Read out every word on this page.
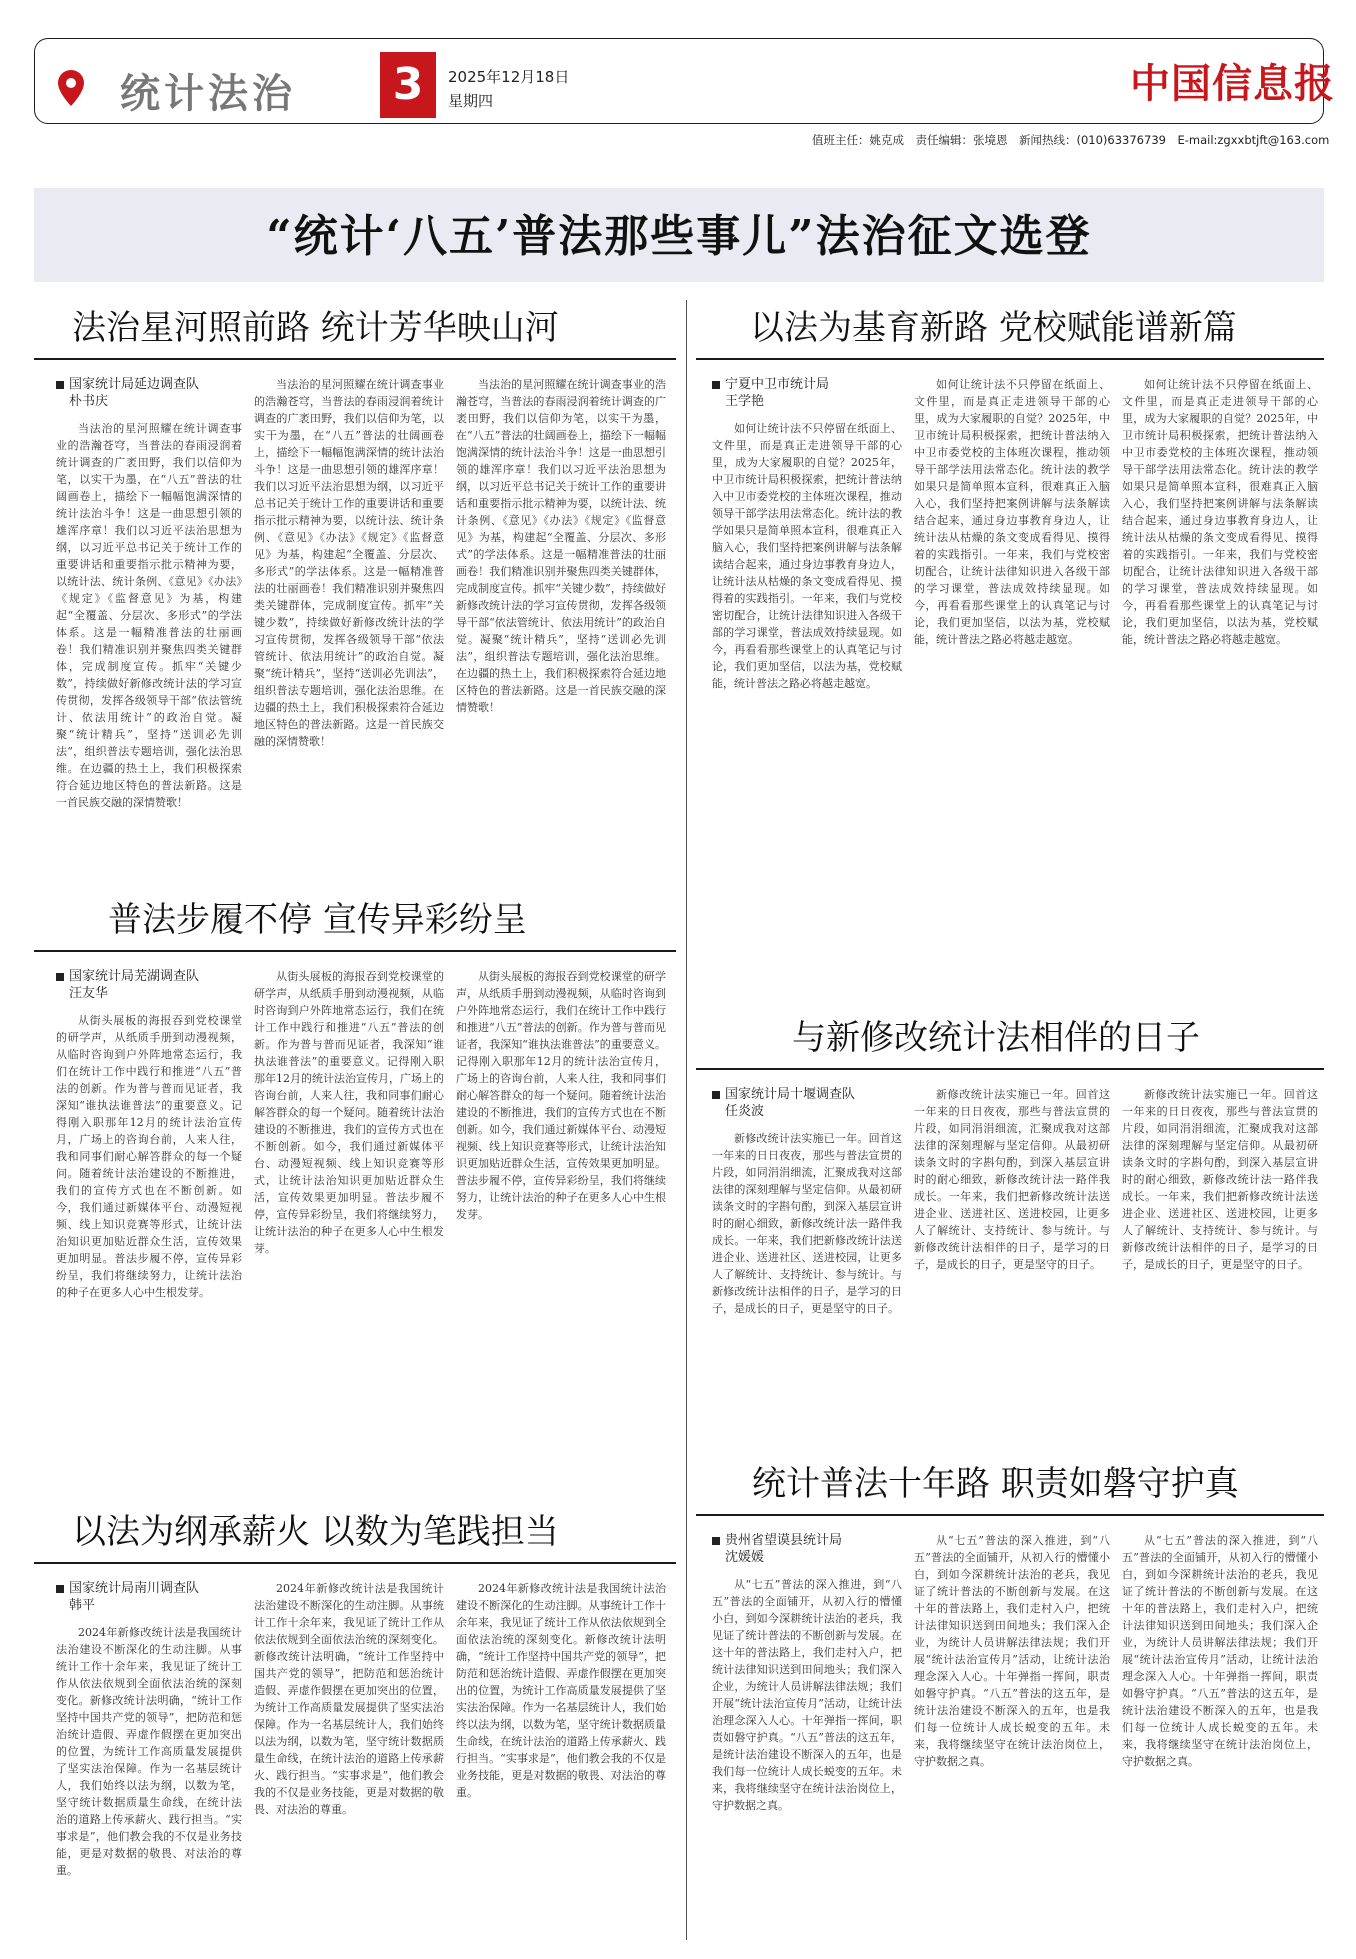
统计法治 3	2025年12月18日
星期四	中国信息报
值班主任：姚克成　责任编辑：张境恩　新闻热线：(010)63376739　E-mail:zgxxbtjft@163.com
“统计‘八五’普法那些事儿”法治征文选登
法治星河照前路 统计芳华映山河
国家统计局延边调查队
朴书庆

当法治的星河照耀在统计调查事业的浩瀚苍穹，当普法的春雨浸润着统计调查的广袤田野，我们以信仰为笔，以实干为墨，在“八五”普法的壮阔画卷上，描绘下一幅幅饱满深情的统计法治斗争！这是一曲思想引领的雄浑序章！我们以习近平法治思想为纲，以习近平总书记关于统计工作的重要讲话和重要指示批示精神为要，以统计法、统计条例、《意见》《办法》《规定》《监督意见》为基，构建起“全覆盖、分层次、多形式”的学法体系。这是一幅精准普法的壮丽画卷！我们精准识别并聚焦四类关键群体，完成制度宣传。抓牢“关键少数”，持续做好新修改统计法的学习宣传贯彻，发挥各级领导干部“依法管统计、依法用统计”的政治自觉。凝聚“统计精兵”，坚持“送训必先训法”，组织普法专题培训，强化法治思维。在边疆的热土上，我们积极探索符合延边地区特色的普法新路。这是一首民族交融的深情赞歌！

当法治的星河照耀在统计调查事业的浩瀚苍穹，当普法的春雨浸润着统计调查的广袤田野，我们以信仰为笔，以实干为墨，在“八五”普法的壮阔画卷上，描绘下一幅幅饱满深情的统计法治斗争！这是一曲思想引领的雄浑序章！我们以习近平法治思想为纲，以习近平总书记关于统计工作的重要讲话和重要指示批示精神为要，以统计法、统计条例、《意见》《办法》《规定》《监督意见》为基，构建起“全覆盖、分层次、多形式”的学法体系。这是一幅精准普法的壮丽画卷！我们精准识别并聚焦四类关键群体，完成制度宣传。抓牢“关键少数”，持续做好新修改统计法的学习宣传贯彻，发挥各级领导干部“依法管统计、依法用统计”的政治自觉。凝聚“统计精兵”，坚持“送训必先训法”，组织普法专题培训，强化法治思维。在边疆的热土上，我们积极探索符合延边地区特色的普法新路。这是一首民族交融的深情赞歌！

当法治的星河照耀在统计调查事业的浩瀚苍穹，当普法的春雨浸润着统计调查的广袤田野，我们以信仰为笔，以实干为墨，在“八五”普法的壮阔画卷上，描绘下一幅幅饱满深情的统计法治斗争！这是一曲思想引领的雄浑序章！我们以习近平法治思想为纲，以习近平总书记关于统计工作的重要讲话和重要指示批示精神为要，以统计法、统计条例、《意见》《办法》《规定》《监督意见》为基，构建起“全覆盖、分层次、多形式”的学法体系。这是一幅精准普法的壮丽画卷！我们精准识别并聚焦四类关键群体，完成制度宣传。抓牢“关键少数”，持续做好新修改统计法的学习宣传贯彻，发挥各级领导干部“依法管统计、依法用统计”的政治自觉。凝聚“统计精兵”，坚持“送训必先训法”，组织普法专题培训，强化法治思维。在边疆的热土上，我们积极探索符合延边地区特色的普法新路。这是一首民族交融的深情赞歌！

以法为基育新路 党校赋能谱新篇
宁夏中卫市统计局
王学艳

如何让统计法不只停留在纸面上、文件里，而是真正走进领导干部的心里，成为大家履职的自觉？2025年，中卫市统计局积极探索，把统计普法纳入中卫市委党校的主体班次课程，推动领导干部学法用法常态化。统计法的教学如果只是简单照本宣科，很难真正入脑入心，我们坚持把案例讲解与法条解读结合起来，通过身边事教育身边人，让统计法从枯燥的条文变成看得见、摸得着的实践指引。一年来，我们与党校密切配合，让统计法律知识进入各级干部的学习课堂，普法成效持续显现。如今，再看看那些课堂上的认真笔记与讨论，我们更加坚信，以法为基，党校赋能，统计普法之路必将越走越宽。

如何让统计法不只停留在纸面上、文件里，而是真正走进领导干部的心里，成为大家履职的自觉？2025年，中卫市统计局积极探索，把统计普法纳入中卫市委党校的主体班次课程，推动领导干部学法用法常态化。统计法的教学如果只是简单照本宣科，很难真正入脑入心，我们坚持把案例讲解与法条解读结合起来，通过身边事教育身边人，让统计法从枯燥的条文变成看得见、摸得着的实践指引。一年来，我们与党校密切配合，让统计法律知识进入各级干部的学习课堂，普法成效持续显现。如今，再看看那些课堂上的认真笔记与讨论，我们更加坚信，以法为基，党校赋能，统计普法之路必将越走越宽。

如何让统计法不只停留在纸面上、文件里，而是真正走进领导干部的心里，成为大家履职的自觉？2025年，中卫市统计局积极探索，把统计普法纳入中卫市委党校的主体班次课程，推动领导干部学法用法常态化。统计法的教学如果只是简单照本宣科，很难真正入脑入心，我们坚持把案例讲解与法条解读结合起来，通过身边事教育身边人，让统计法从枯燥的条文变成看得见、摸得着的实践指引。一年来，我们与党校密切配合，让统计法律知识进入各级干部的学习课堂，普法成效持续显现。如今，再看看那些课堂上的认真笔记与讨论，我们更加坚信，以法为基，党校赋能，统计普法之路必将越走越宽。

普法步履不停 宣传异彩纷呈
国家统计局芜湖调查队
汪友华

从街头展板的海报吞到党校课堂的研学声，从纸质手册到动漫视频，从临时咨询到户外阵地常态运行，我们在统计工作中践行和推进“八五”普法的创新。作为普与普而见证者，我深知“谁执法谁普法”的重要意义。记得刚入职那年12月的统计法治宣传月，广场上的咨询台前，人来人往，我和同事们耐心解答群众的每一个疑问。随着统计法治建设的不断推进，我们的宣传方式也在不断创新。如今，我们通过新媒体平台、动漫短视频、线上知识竞赛等形式，让统计法治知识更加贴近群众生活，宣传效果更加明显。普法步履不停，宣传异彩纷呈，我们将继续努力，让统计法治的种子在更多人心中生根发芽。

从街头展板的海报吞到党校课堂的研学声，从纸质手册到动漫视频，从临时咨询到户外阵地常态运行，我们在统计工作中践行和推进“八五”普法的创新。作为普与普而见证者，我深知“谁执法谁普法”的重要意义。记得刚入职那年12月的统计法治宣传月，广场上的咨询台前，人来人往，我和同事们耐心解答群众的每一个疑问。随着统计法治建设的不断推进，我们的宣传方式也在不断创新。如今，我们通过新媒体平台、动漫短视频、线上知识竞赛等形式，让统计法治知识更加贴近群众生活，宣传效果更加明显。普法步履不停，宣传异彩纷呈，我们将继续努力，让统计法治的种子在更多人心中生根发芽。

从街头展板的海报吞到党校课堂的研学声，从纸质手册到动漫视频，从临时咨询到户外阵地常态运行，我们在统计工作中践行和推进“八五”普法的创新。作为普与普而见证者，我深知“谁执法谁普法”的重要意义。记得刚入职那年12月的统计法治宣传月，广场上的咨询台前，人来人往，我和同事们耐心解答群众的每一个疑问。随着统计法治建设的不断推进，我们的宣传方式也在不断创新。如今，我们通过新媒体平台、动漫短视频、线上知识竞赛等形式，让统计法治知识更加贴近群众生活，宣传效果更加明显。普法步履不停，宣传异彩纷呈，我们将继续努力，让统计法治的种子在更多人心中生根发芽。

与新修改统计法相伴的日子
国家统计局十堰调查队
任炎波

新修改统计法实施已一年。回首这一年来的日日夜夜，那些与普法宣贯的片段，如同涓涓细流，汇聚成我对这部法律的深刻理解与坚定信仰。从最初研读条文时的字斟句酌，到深入基层宣讲时的耐心细致，新修改统计法一路伴我成长。一年来，我们把新修改统计法送进企业、送进社区、送进校园，让更多人了解统计、支持统计、参与统计。与新修改统计法相伴的日子，是学习的日子，是成长的日子，更是坚守的日子。

新修改统计法实施已一年。回首这一年来的日日夜夜，那些与普法宣贯的片段，如同涓涓细流，汇聚成我对这部法律的深刻理解与坚定信仰。从最初研读条文时的字斟句酌，到深入基层宣讲时的耐心细致，新修改统计法一路伴我成长。一年来，我们把新修改统计法送进企业、送进社区、送进校园，让更多人了解统计、支持统计、参与统计。与新修改统计法相伴的日子，是学习的日子，是成长的日子，更是坚守的日子。

新修改统计法实施已一年。回首这一年来的日日夜夜，那些与普法宣贯的片段，如同涓涓细流，汇聚成我对这部法律的深刻理解与坚定信仰。从最初研读条文时的字斟句酌，到深入基层宣讲时的耐心细致，新修改统计法一路伴我成长。一年来，我们把新修改统计法送进企业、送进社区、送进校园，让更多人了解统计、支持统计、参与统计。与新修改统计法相伴的日子，是学习的日子，是成长的日子，更是坚守的日子。

以法为纲承薪火 以数为笔践担当
国家统计局南川调查队
韩平

2024年新修改统计法是我国统计法治建设不断深化的生动注脚。从事统计工作十余年来，我见证了统计工作从依法依规到全面依法治统的深刻变化。新修改统计法明确，“统计工作坚持中国共产党的领导”，把防范和惩治统计造假、弄虚作假摆在更加突出的位置，为统计工作高质量发展提供了坚实法治保障。作为一名基层统计人，我们始终以法为纲，以数为笔，坚守统计数据质量生命线，在统计法治的道路上传承薪火、践行担当。“实事求是”，他们教会我的不仅是业务技能，更是对数据的敬畏、对法治的尊重。

2024年新修改统计法是我国统计法治建设不断深化的生动注脚。从事统计工作十余年来，我见证了统计工作从依法依规到全面依法治统的深刻变化。新修改统计法明确，“统计工作坚持中国共产党的领导”，把防范和惩治统计造假、弄虚作假摆在更加突出的位置，为统计工作高质量发展提供了坚实法治保障。作为一名基层统计人，我们始终以法为纲，以数为笔，坚守统计数据质量生命线，在统计法治的道路上传承薪火、践行担当。“实事求是”，他们教会我的不仅是业务技能，更是对数据的敬畏、对法治的尊重。

2024年新修改统计法是我国统计法治建设不断深化的生动注脚。从事统计工作十余年来，我见证了统计工作从依法依规到全面依法治统的深刻变化。新修改统计法明确，“统计工作坚持中国共产党的领导”，把防范和惩治统计造假、弄虚作假摆在更加突出的位置，为统计工作高质量发展提供了坚实法治保障。作为一名基层统计人，我们始终以法为纲，以数为笔，坚守统计数据质量生命线，在统计法治的道路上传承薪火、践行担当。“实事求是”，他们教会我的不仅是业务技能，更是对数据的敬畏、对法治的尊重。

统计普法十年路 职责如磐守护真
贵州省望谟县统计局
沈媛媛

从“七五”普法的深入推进，到“八五”普法的全面铺开，从初入行的懵懂小白，到如今深耕统计法治的老兵，我见证了统计普法的不断创新与发展。在这十年的普法路上，我们走村入户，把统计法律知识送到田间地头；我们深入企业，为统计人员讲解法律法规；我们开展“统计法治宣传月”活动，让统计法治理念深入人心。十年弹指一挥间，职责如磐守护真。“八五”普法的这五年，是统计法治建设不断深入的五年，也是我们每一位统计人成长蜕变的五年。未来，我将继续坚守在统计法治岗位上，守护数据之真。

从“七五”普法的深入推进，到“八五”普法的全面铺开，从初入行的懵懂小白，到如今深耕统计法治的老兵，我见证了统计普法的不断创新与发展。在这十年的普法路上，我们走村入户，把统计法律知识送到田间地头；我们深入企业，为统计人员讲解法律法规；我们开展“统计法治宣传月”活动，让统计法治理念深入人心。十年弹指一挥间，职责如磐守护真。“八五”普法的这五年，是统计法治建设不断深入的五年，也是我们每一位统计人成长蜕变的五年。未来，我将继续坚守在统计法治岗位上，守护数据之真。

从“七五”普法的深入推进，到“八五”普法的全面铺开，从初入行的懵懂小白，到如今深耕统计法治的老兵，我见证了统计普法的不断创新与发展。在这十年的普法路上，我们走村入户，把统计法律知识送到田间地头；我们深入企业，为统计人员讲解法律法规；我们开展“统计法治宣传月”活动，让统计法治理念深入人心。十年弹指一挥间，职责如磐守护真。“八五”普法的这五年，是统计法治建设不断深入的五年，也是我们每一位统计人成长蜕变的五年。未来，我将继续坚守在统计法治岗位上，守护数据之真。
